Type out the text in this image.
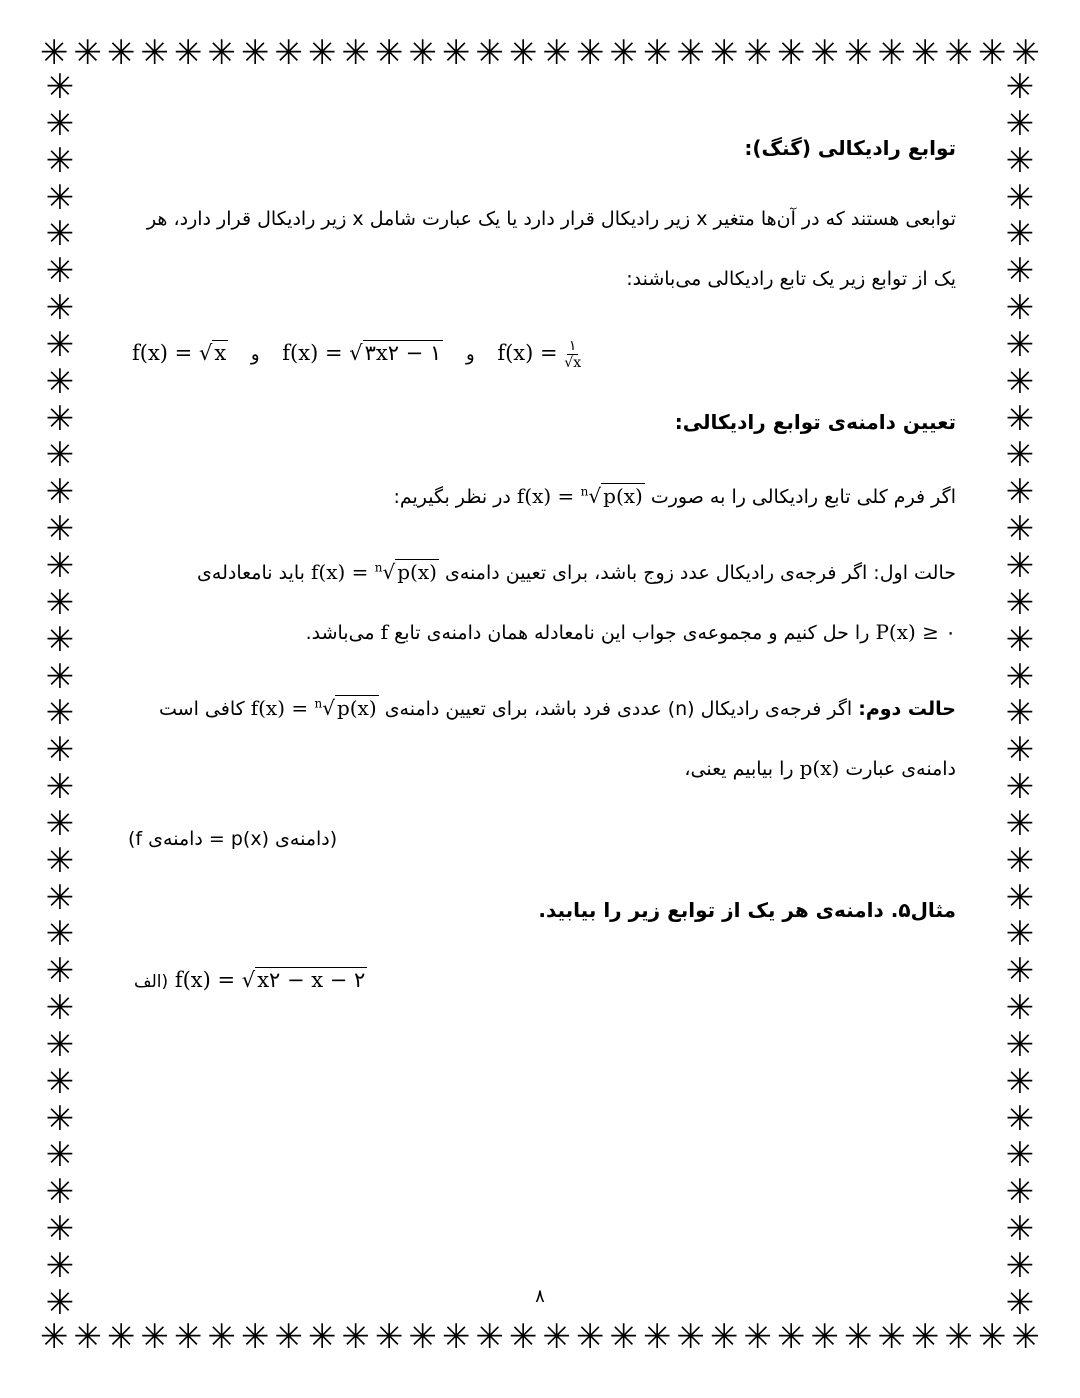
✳ ✳ ✳ ✳ ✳ ✳ ✳ ✳ ✳ ✳ ✳ ✳ ✳ ✳ ✳ ✳ ✳ ✳ ✳ ✳ ✳ ✳ ✳ ✳ ✳ ✳ ✳ ✳ ✳ ✳
✳ ✳ ✳ ✳ ✳ ✳ ✳ ✳ ✳ ✳ ✳ ✳ ✳ ✳ ✳ ✳ ✳ ✳ ✳ ✳ ✳ ✳ ✳ ✳ ✳ ✳ ✳ ✳ ✳ ✳
✳
✳
✳
✳
✳
✳
✳
✳
✳
✳
✳
✳
✳
✳
✳
✳
✳
✳
✳
✳
✳
✳
✳
✳
✳
✳
✳
✳
✳
✳
✳
✳
✳
✳
✳
✳
✳
✳
✳
✳
✳
✳
✳
✳
✳
✳
✳
✳
✳
✳
✳
✳
✳
✳
✳
✳
✳
✳
✳
✳
✳
✳
✳
✳
✳
✳
✳
✳
توابع رادیکالی (گنگ):
توابعی هستند که در آن‌ها متغیر x زیر رادیکال قرار دارد یا یک عبارت شامل x زیر رادیکال قرار دارد، هر
یک از توابع زیر یک تابع رادیکالی می‌باشند:
f(x) = √x و f(x) = √۳x۲ − ۱ و $f(x) = \frac{۱}{√x}$
تعیین دامنه‌ی توابع رادیکالی:
اگر فرم کلی تابع رادیکالی را به صورت f(x) = $^n$√ p(x) در نظر بگیریم:
حالت اول: اگر فرجه‌ی رادیکال عدد زوج باشد، برای تعیین دامنه‌ی f(x) = $^n$√ p(x) باید نامعادله‌ی
P(x) ≥ ۰ را حل کنیم و مجموعه‌ی جواب این نامعادله همان دامنه‌ی تابع f می‌باشد.
حالت دوم: اگر فرجه‌ی رادیکال (n) عددی فرد باشد، برای تعیین دامنه‌ی f(x) = $^n$√ p(x) کافی است
دامنه‌ی عبارت p(x) را بیابیم یعنی،
(دامنه‌ی p(x) = دامنه‌ی f)
مثال۵. دامنه‌ی هر یک از توابع زیر را بیابید.
الف) f(x) = √x۲ − x − ۲
۸
